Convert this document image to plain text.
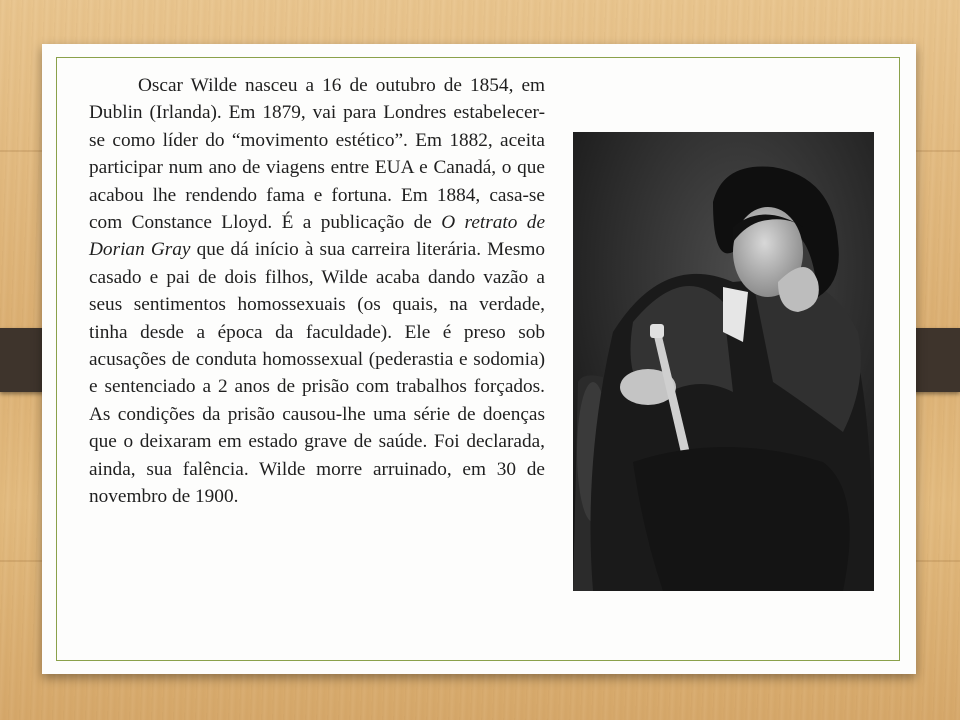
Oscar Wilde nasceu a 16 de outubro de 1854, em Dublin (Irlanda). Em 1879, vai para Londres estabelecer-se como líder do “movimento estético”. Em 1882, aceita participar num ano de viagens entre EUA e Canadá, o que acabou lhe rendendo fama e fortuna. Em 1884, casa-se com Constance Lloyd. É a publicação de O retrato de Dorian Gray que dá início à sua carreira literária. Mesmo casado e pai de dois filhos, Wilde acaba dando vazão a seus sentimentos homossexuais (os quais, na verdade, tinha desde a época da faculdade). Ele é preso sob acusações de conduta homossexual (pederastia e sodomia) e sentenciado a 2 anos de prisão com trabalhos forçados. As condições da prisão causou-lhe uma série de doenças que o deixaram em estado grave de saúde. Foi declarada, ainda, sua falência. Wilde morre arruinado, em 30 de novembro de 1900.
